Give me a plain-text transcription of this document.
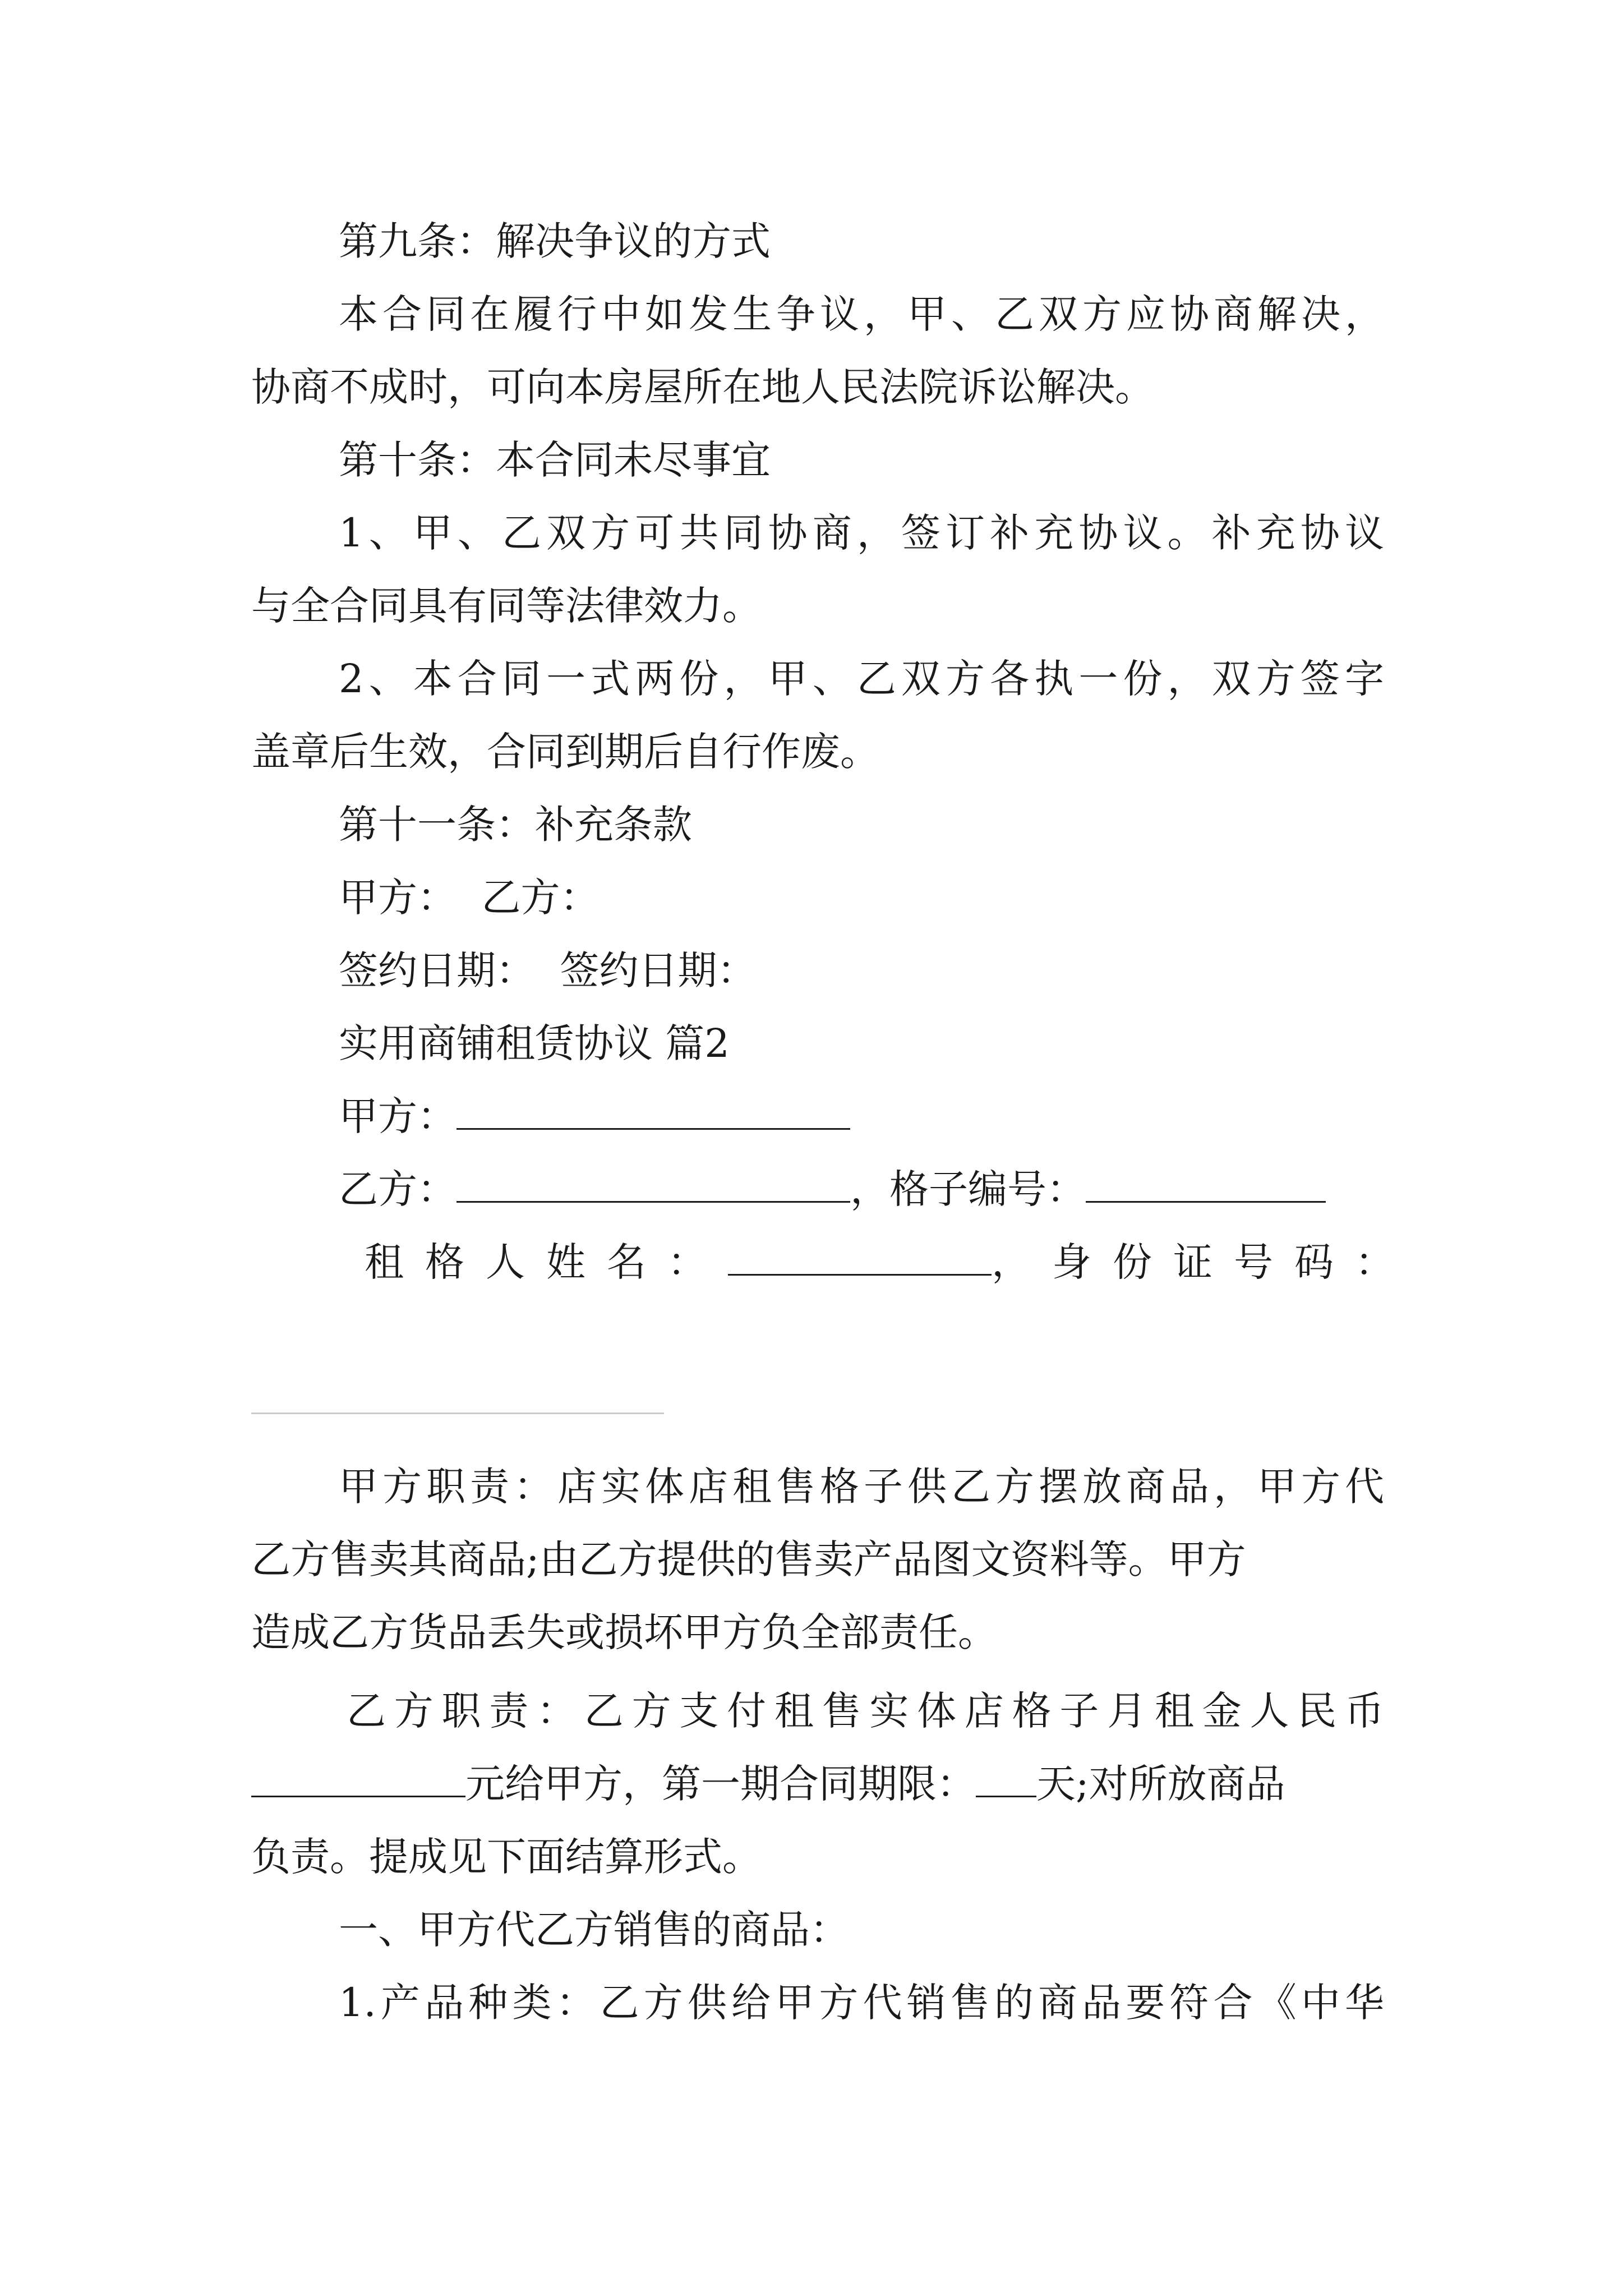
第九条：解决争议的方式
本合同在履行中如发生争议，甲、乙双方应协商解决，
协商不成时，可向本房屋所在地人民法院诉讼解决。
第十条：本合同未尽事宜
1、甲、乙双方可共同协商，签订补充协议。补充协议
与全合同具有同等法律效力。
2、本合同一式两份，甲、乙双方各执一份，双方签字
盖章后生效，合同到期后自行作废。
第十一条：补充条款
甲方：  乙方：
签约日期：  签约日期：
实用商铺租赁协议 篇2
甲方：
乙方：	，格子编号：
租格人姓名：	，身份证号码：
甲方职责：店实体店租售格子供乙方摆放商品，甲方代
乙方售卖其商品;由乙方提供的售卖产品图文资料等。甲方
造成乙方货品丢失或损坏甲方负全部责任。
乙方职责：乙方支付租售实体店格子月租金人民币
元给甲方，第一期合同期限： 天;对所放商品
负责。提成见下面结算形式。
一、甲方代乙方销售的商品：
1.产品种类：乙方供给甲方代销售的商品要符合《中华
